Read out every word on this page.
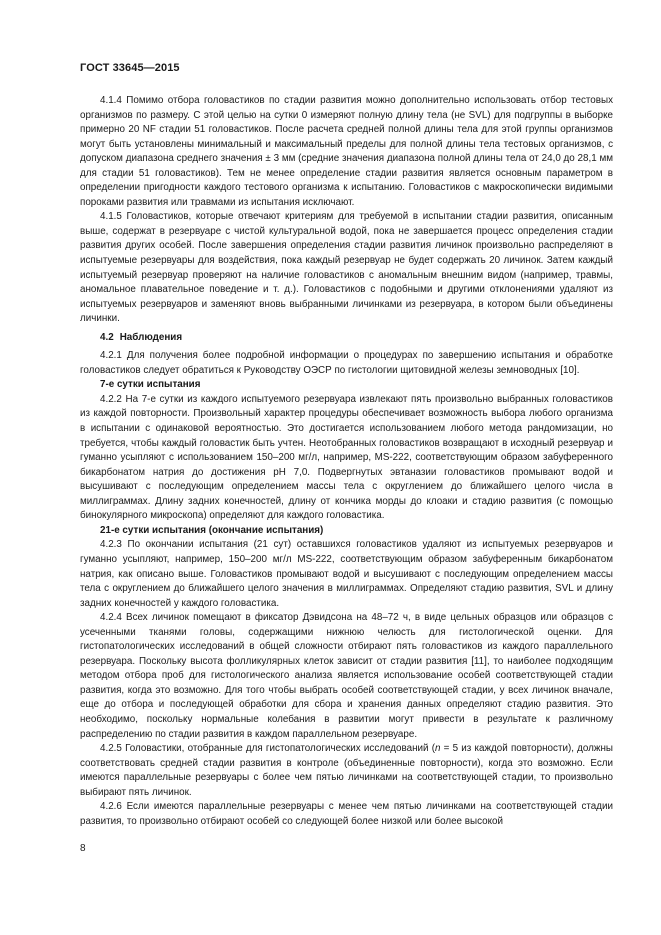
ГОСТ 33645—2015

4.1.4 Помимо отбора головастиков по стадии развития можно дополнительно использовать отбор тестовых организмов по размеру. С этой целью на сутки 0 измеряют полную длину тела (не SVL) для подгруппы в выборке примерно 20 NF стадии 51 головастиков. После расчета средней полной длины тела для этой группы организмов могут быть установлены минимальный и максимальный пределы для полной длины тела тестовых организмов, с допуском диапазона среднего значения ± 3 мм (средние значения диапазона полной длины тела от 24,0 до 28,1 мм для стадии 51 головастиков). Тем не менее определение стадии развития является основным параметром в определении пригодности каждого тестового организма к испытанию. Головастиков с макроскопически видимыми пороками развития или травмами из испытания исключают.

4.1.5 Головастиков, которые отвечают критериям для требуемой в испытании стадии развития, описанным выше, содержат в резервуаре с чистой культуральной водой, пока не завершается процесс определения стадии развития других особей. После завершения определения стадии развития личинок произвольно распределяют в испытуемые резервуары для воздействия, пока каждый резервуар не будет содержать 20 личинок. Затем каждый испытуемый резервуар проверяют на наличие головастиков с аномальным внешним видом (например, травмы, аномальное плавательное поведение и т. д.). Головастиков с подобными и другими отклонениями удаляют из испытуемых резервуаров и заменяют вновь выбранными личинками из резервуара, в котором были объединены личинки.

4.2 Наблюдения

4.2.1 Для получения более подробной информации о процедурах по завершению испытания и обработке головастиков следует обратиться к Руководству ОЭСР по гистологии щитовидной железы земноводных [10].

7-е сутки испытания

4.2.2 На 7-е сутки из каждого испытуемого резервуара извлекают пять произвольно выбранных головастиков из каждой повторности. Произвольный характер процедуры обеспечивает возможность выбора любого организма в испытании с одинаковой вероятностью. Это достигается использованием любого метода рандомизации, но требуется, чтобы каждый головастик быть учтен. Неотобранных головастиков возвращают в исходный резервуар и гуманно усыпляют с использованием 150–200 мг/л, например, MS-222, соответствующим образом забуференного бикарбонатом натрия до достижения pH 7,0. Подвергнутых эвтаназии головастиков промывают водой и высушивают с последующим определением массы тела с округлением до ближайшего целого числа в миллиграммах. Длину задних конечностей, длину от кончика морды до клоаки и стадию развития (с помощью бинокулярного микроскопа) определяют для каждого головастика.

21-е сутки испытания (окончание испытания)

4.2.3 По окончании испытания (21 сут) оставшихся головастиков удаляют из испытуемых резервуаров и гуманно усыпляют, например, 150–200 мг/л MS-222, соответствующим образом забуференным бикарбонатом натрия, как описано выше. Головастиков промывают водой и высушивают с последующим определением массы тела с округлением до ближайшего целого значения в миллиграммах. Определяют стадию развития, SVL и длину задних конечностей у каждого головастика.

4.2.4 Всех личинок помещают в фиксатор Дэвидсона на 48–72 ч, в виде цельных образцов или образцов с усеченными тканями головы, содержащими нижнюю челюсть для гистологической оценки. Для гистопатологических исследований в общей сложности отбирают пять головастиков из каждого параллельного резервуара. Поскольку высота фолликулярных клеток зависит от стадии развития [11], то наиболее подходящим методом отбора проб для гистологического анализа является использование особей соответствующей стадии развития, когда это возможно. Для того чтобы выбрать особей соответствующей стадии, у всех личинок вначале, еще до отбора и последующей обработки для сбора и хранения данных определяют стадию развития. Это необходимо, поскольку нормальные колебания в развитии могут привести в результате к различному распределению по стадии развития в каждом параллельном резервуаре.

4.2.5 Головастики, отобранные для гистопатологических исследований (n = 5 из каждой повторности), должны соответствовать средней стадии развития в контроле (объединенные повторности), когда это возможно. Если имеются параллельные резервуары с более чем пятью личинками на соответствующей стадии, то произвольно выбирают пять личинок.

4.2.6 Если имеются параллельные резервуары с менее чем пятью личинками на соответствующей стадии развития, то произвольно отбирают особей со следующей более низкой или более высокой

8
